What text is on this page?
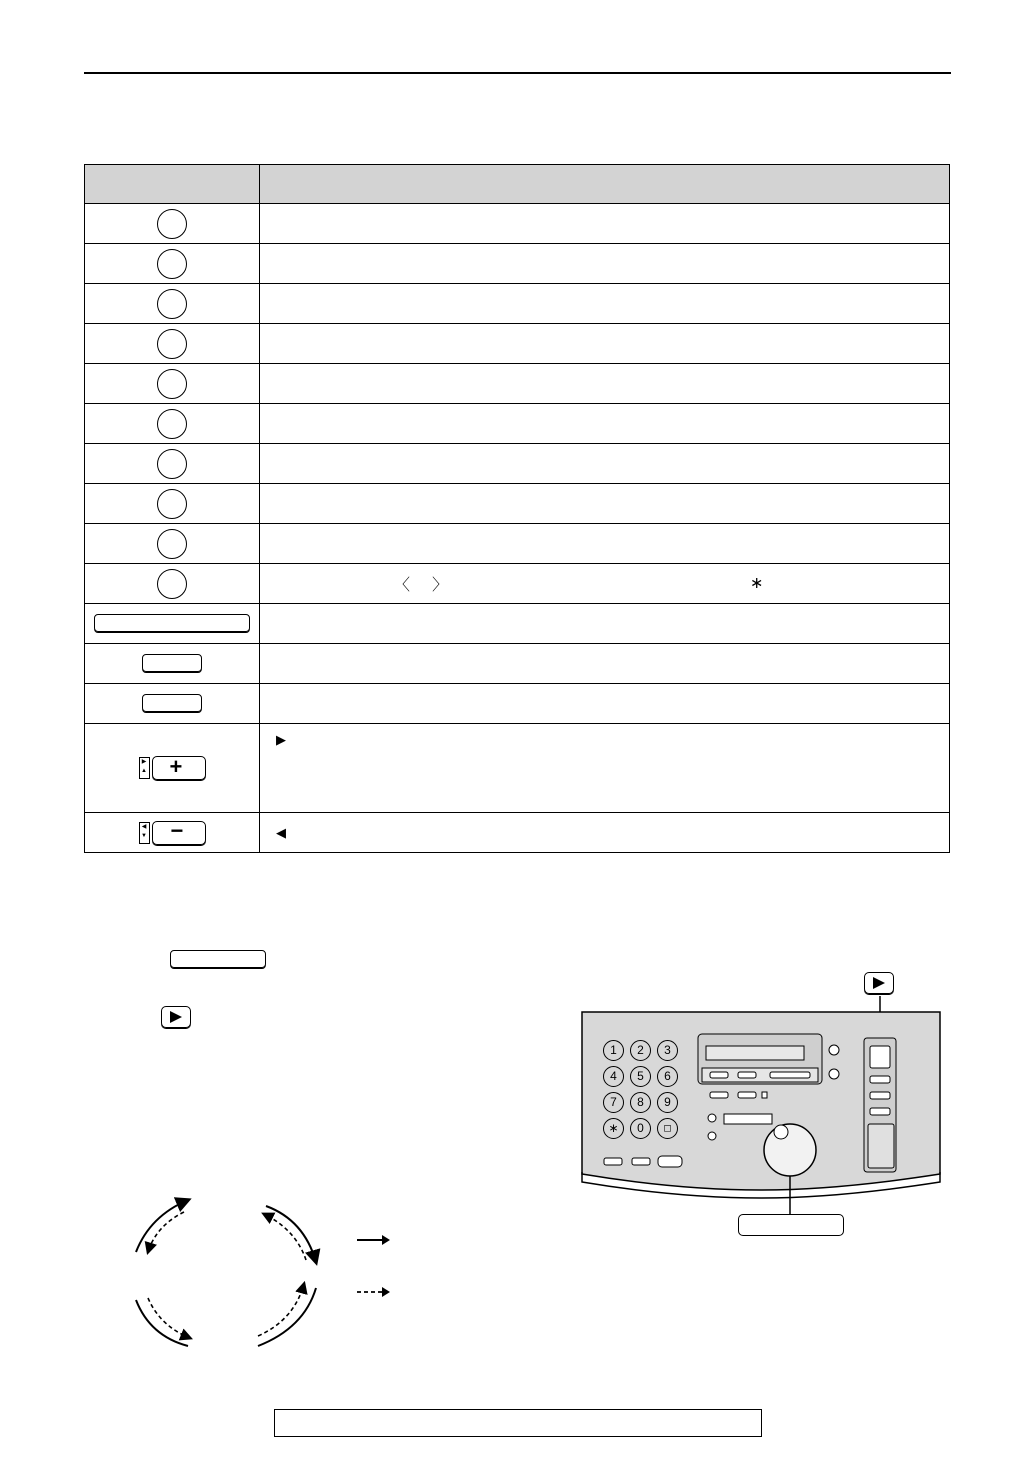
	〈 〉 ∗

▶
▲ +	▶

◀
▼ −	◀
1	2	3
4	5	6
7	8	9
∗	0	◻
